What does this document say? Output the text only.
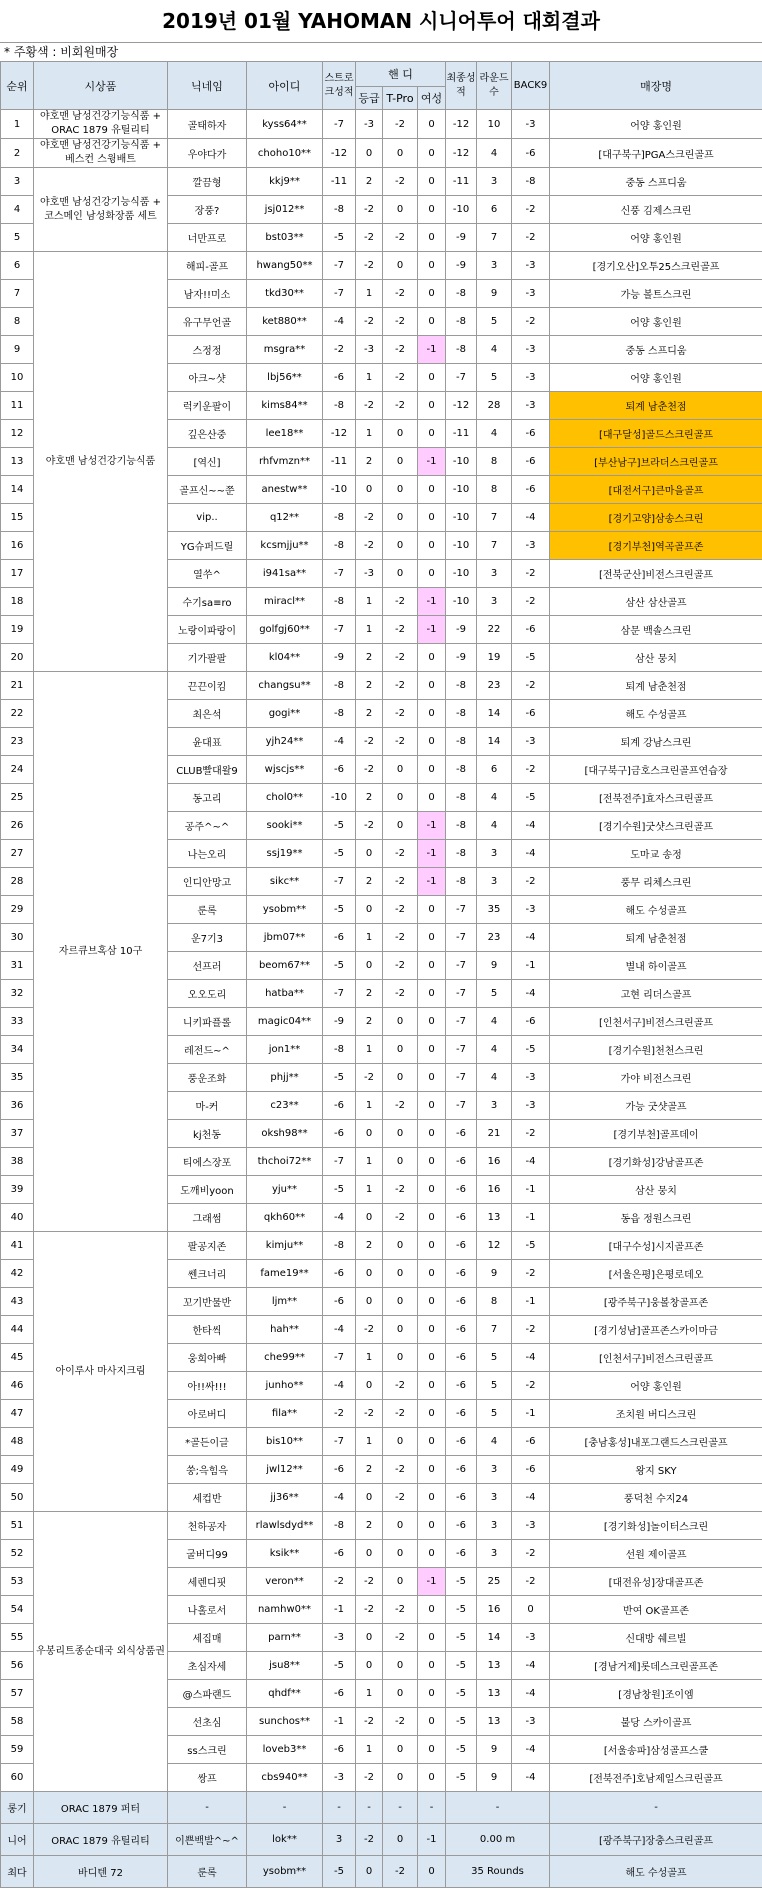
2019년 01월 YAHOMAN 시니어투어 대회결과
* 주황색 : 비회원매장
순위	시상품	닉네임	아이디	스트로크성적	핸 디			최종성적	라운드수	BACK9	매장명
					등급	T-Pro	여성				
1	야호맨 남성건강기능식품 + ORAC 1879 유틸리티	골태하자	kyss64**	-7	-3	-2	0	-12	10	-3	어양 홍인원
2	야호맨 남성건강기능식품 + 베스컨 스윙배트	우야다가	choho10**	-12	0	0	0	-12	4	-6	[대구북구]PGA스크린골프
3	야호맨 남성건강기능식품 + 코스메인 남성화장품 세트	깔끔형	kkj9**	-11	2	-2	0	-11	3	-8	중동 스프디움
4		장풍?	jsj012**	-8	-2	0	0	-10	6	-2	신풍 김제스크린
5		너만프로	bst03**	-5	-2	-2	0	-9	7	-2	어양 홍인원
6	야호맨 남성건강기능식품	해피-골프	hwang50**	-7	-2	0	0	-9	3	-3	[경기오산]오투25스크린골프
7		남자!!미소	tkd30**	-7	1	-2	0	-8	9	-3	가능 볼트스크린
8		유구무언골	ket880**	-4	-2	-2	0	-8	5	-2	어양 홍인원
9		스정정	msgra**	-2	-3	-2	-1	-8	4	-3	중동 스프디움
10		아크~샷	lbj56**	-6	1	-2	0	-7	5	-3	어양 홍인원
11		럭키운팔이	kims84**	-8	-2	-2	0	-12	28	-3	퇴계 남춘천점
12		깊은산중	lee18**	-12	1	0	0	-11	4	-6	[대구달성]골드스크린골프
13		[역신]	rhfvmzn**	-11	2	0	-1	-10	8	-6	[부산남구]브라더스크린골프
14		골프신~~쭌	anestw**	-10	0	0	0	-10	8	-6	[대전서구]큰마을골프
15		vip..	q12**	-8	-2	0	0	-10	7	-4	[경기고양]삼송스크린
16		YG슈퍼드릴	kcsmjju**	-8	-2	0	0	-10	7	-3	[경기부천]역곡골프존
17		열쑤^	i941sa**	-7	-3	0	0	-10	3	-2	[전북군산]비전스크린골프
18		수기sa≡ro	miracl**	-8	1	-2	-1	-10	3	-2	삼산 삼산골프
19		노랑이파랑이	golfgj60**	-7	1	-2	-1	-9	22	-6	삼문 백솔스크린
20		기가팔팔	kl04**	-9	2	-2	0	-9	19	-5	삼산 뭉치
21	자르큐브혹삼 10구	끈끈이킴	changsu**	-8	2	-2	0	-8	23	-2	퇴계 남춘천점
22		최은석	gogi**	-8	2	-2	0	-8	14	-6	해도 수성골프
23		윤대표	yjh24**	-4	-2	-2	0	-8	14	-3	퇴계 강남스크린
24		CLUB빨대왈9	wjscjs**	-6	-2	0	0	-8	6	-2	[대구북구]금호스크린골프연습장
25		동고리	chol0**	-10	2	0	0	-8	4	-5	[전북전주]효자스크린골프
26		공주^~^	sooki**	-5	-2	0	-1	-8	4	-4	[경기수원]굿샷스크린골프
27		나는오리	ssj19**	-5	0	-2	-1	-8	3	-4	도마교 송정
28		인디안망고	sikc**	-7	2	-2	-1	-8	3	-2	풍무 리체스크린
29		룬록	ysobm**	-5	0	-2	0	-7	35	-3	해도 수성골프
30		운7기3	jbm07**	-6	1	-2	0	-7	23	-4	퇴계 남춘천점
31		선프러	beom67**	-5	0	-2	0	-7	9	-1	별내 하이골프
32		오오도리	hatba**	-7	2	-2	0	-7	5	-4	고현 리더스골프
33		니키파플롤	magic04**	-9	2	0	0	-7	4	-6	[인천서구]비전스크린골프
34		레전드~^	jon1**	-8	1	0	0	-7	4	-5	[경기수원]천천스크린
35		풍운조화	phjj**	-5	-2	0	0	-7	4	-3	가야 비전스크린
36		마-커	c23**	-6	1	-2	0	-7	3	-3	가능 굿샷골프
37		kj천동	oksh98**	-6	0	0	0	-6	21	-2	[경기부천]골프데이
38		티에스장포	thchoi72**	-7	1	0	0	-6	16	-4	[경기화성]강남골프존
39		도깨비yoon	yju**	-5	1	-2	0	-6	16	-1	삼산 뭉치
40		그래썸	qkh60**	-4	0	-2	0	-6	13	-1	동읍 정원스크린
41	아이루사 마사지크림	팔공지존	kimju**	-8	2	0	0	-6	12	-5	[대구수성]시지골프존
42		쎈크너리	fame19**	-6	0	0	0	-6	9	-2	[서울은평]은평로데오
43		꼬기반물반	ljm**	-6	0	0	0	-6	8	-1	[광주북구]웅볼창골프존
44		한타씩	hah**	-4	-2	0	0	-6	7	-2	[경기성남]골프존스카이마금
45		웅희아빠	che99**	-7	1	0	0	-6	5	-4	[인천서구]비전스크린골프
46		아!!싸!!!	junho**	-4	0	-2	0	-6	5	-2	어양 홍인원
47		아로버디	fila**	-2	-2	-2	0	-6	5	-1	조치원 버디스크린
48		*골든이글	bis10**	-7	1	0	0	-6	4	-6	[충남홍성]내포그랜드스크린골프
49		쑹;윽힘윽	jwl12**	-6	2	-2	0	-6	3	-6	왕지 SKY
50		세컵반	jj36**	-4	0	-2	0	-6	3	-4	풍덕천 수지24
51	우봉리트종순대국 외식상품권	천하공자	rlawlsdyd**	-8	2	0	0	-6	3	-3	[경기화성]놀이터스크린
52		굴버디99	ksik**	-6	0	0	0	-6	3	-2	선원 제이골프
53		세렌디핏	veron**	-2	-2	0	-1	-5	25	-2	[대전유성]장대골프존
54		나홀로서	namhw0**	-1	-2	-2	0	-5	16	0	반여 OK골프존
55		세집매	parn**	-3	0	-2	0	-5	14	-3	신대방 쉐르빌
56		초심자세	jsu8**	-5	0	0	0	-5	13	-4	[경남거제]롯데스크린골프존
57		@스파랜드	qhdf**	-6	1	0	0	-5	13	-4	[경남창원]조이엠
58		선초심	sunchos**	-1	-2	-2	0	-5	13	-3	불당 스카이골프
59		ss스크린	loveb3**	-6	1	0	0	-5	9	-4	[서울송파]삼성골프스쿨
60		쌍프	cbs940**	-3	-2	0	0	-5	9	-4	[전북전주]호남제일스크린골프
롱기	ORAC 1879 퍼터	-	-	-	-	-	-	-			-
니어	ORAC 1879 유틸리티	이쁜백발^~^	lok**	3	-2	0	-1	0.00 m			[광주북구]장충스크린골프
최다	바디텐 72	룬록	ysobm**	-5	0	-2	0	35 Rounds			해도 수성골프
